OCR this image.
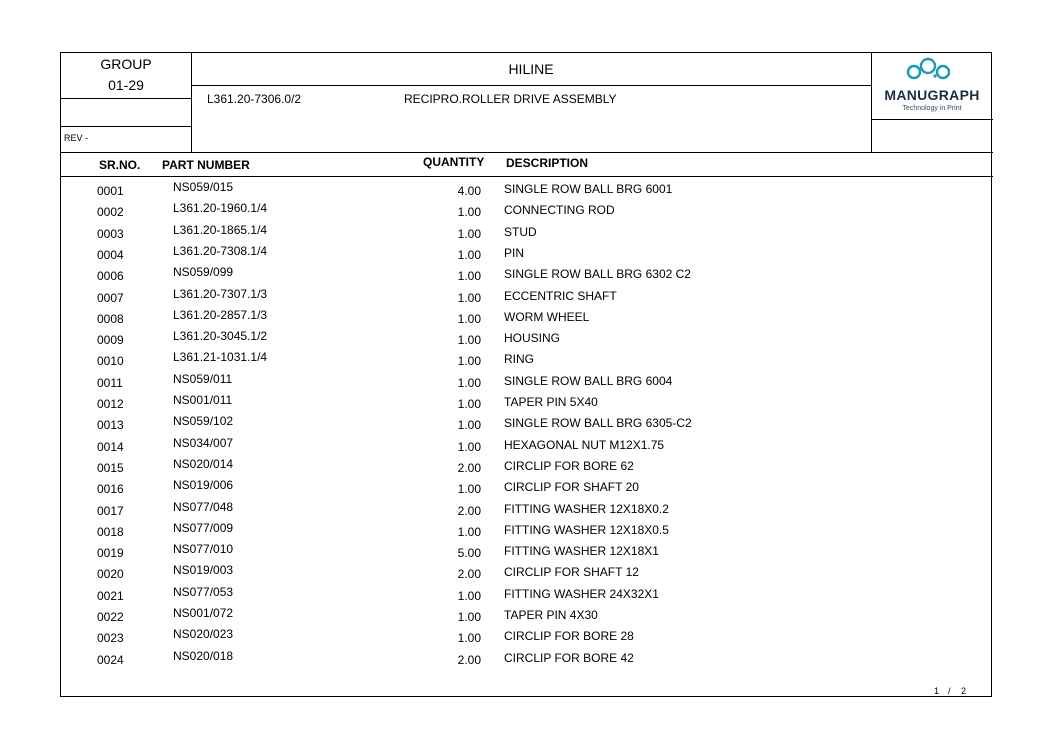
GROUP
01-29
HILINE
L361.20-7306.0/2	RECIPRO.ROLLER DRIVE ASSEMBLY
REV -
MANUGRAPH
Technology in Print
SR.NO. PART NUMBER	QUANTITY DESCRIPTION
0001	NS059/015	4.00 SINGLE ROW BALL BRG 6001
0002	L361.20-1960.1/4	1.00 CONNECTING ROD
0003	L361.20-1865.1/4	1.00 STUD
0004	L361.20-7308.1/4	1.00 PIN
0006	NS059/099	1.00 SINGLE ROW BALL BRG 6302 C2
0007	L361.20-7307.1/3	1.00 ECCENTRIC SHAFT
0008	L361.20-2857.1/3	1.00 WORM WHEEL
0009	L361.20-3045.1/2	1.00 HOUSING
0010	L361.21-1031.1/4	1.00 RING
0011	NS059/011	1.00 SINGLE ROW BALL BRG 6004
0012	NS001/011	1.00 TAPER PIN 5X40
0013	NS059/102	1.00 SINGLE ROW BALL BRG 6305-C2
0014	NS034/007	1.00 HEXAGONAL NUT M12X1.75
0015	NS020/014	2.00 CIRCLIP FOR BORE 62
0016	NS019/006	1.00 CIRCLIP FOR SHAFT 20
0017	NS077/048	2.00 FITTING WASHER 12X18X0.2
0018	NS077/009	1.00 FITTING WASHER 12X18X0.5
0019	NS077/010	5.00 FITTING WASHER 12X18X1
0020	NS019/003	2.00 CIRCLIP FOR SHAFT 12
0021	NS077/053	1.00 FITTING WASHER 24X32X1
0022	NS001/072	1.00 TAPER PIN 4X30
0023	NS020/023	1.00 CIRCLIP FOR BORE 28
0024	NS020/018	2.00 CIRCLIP FOR BORE 42
1 / 2
